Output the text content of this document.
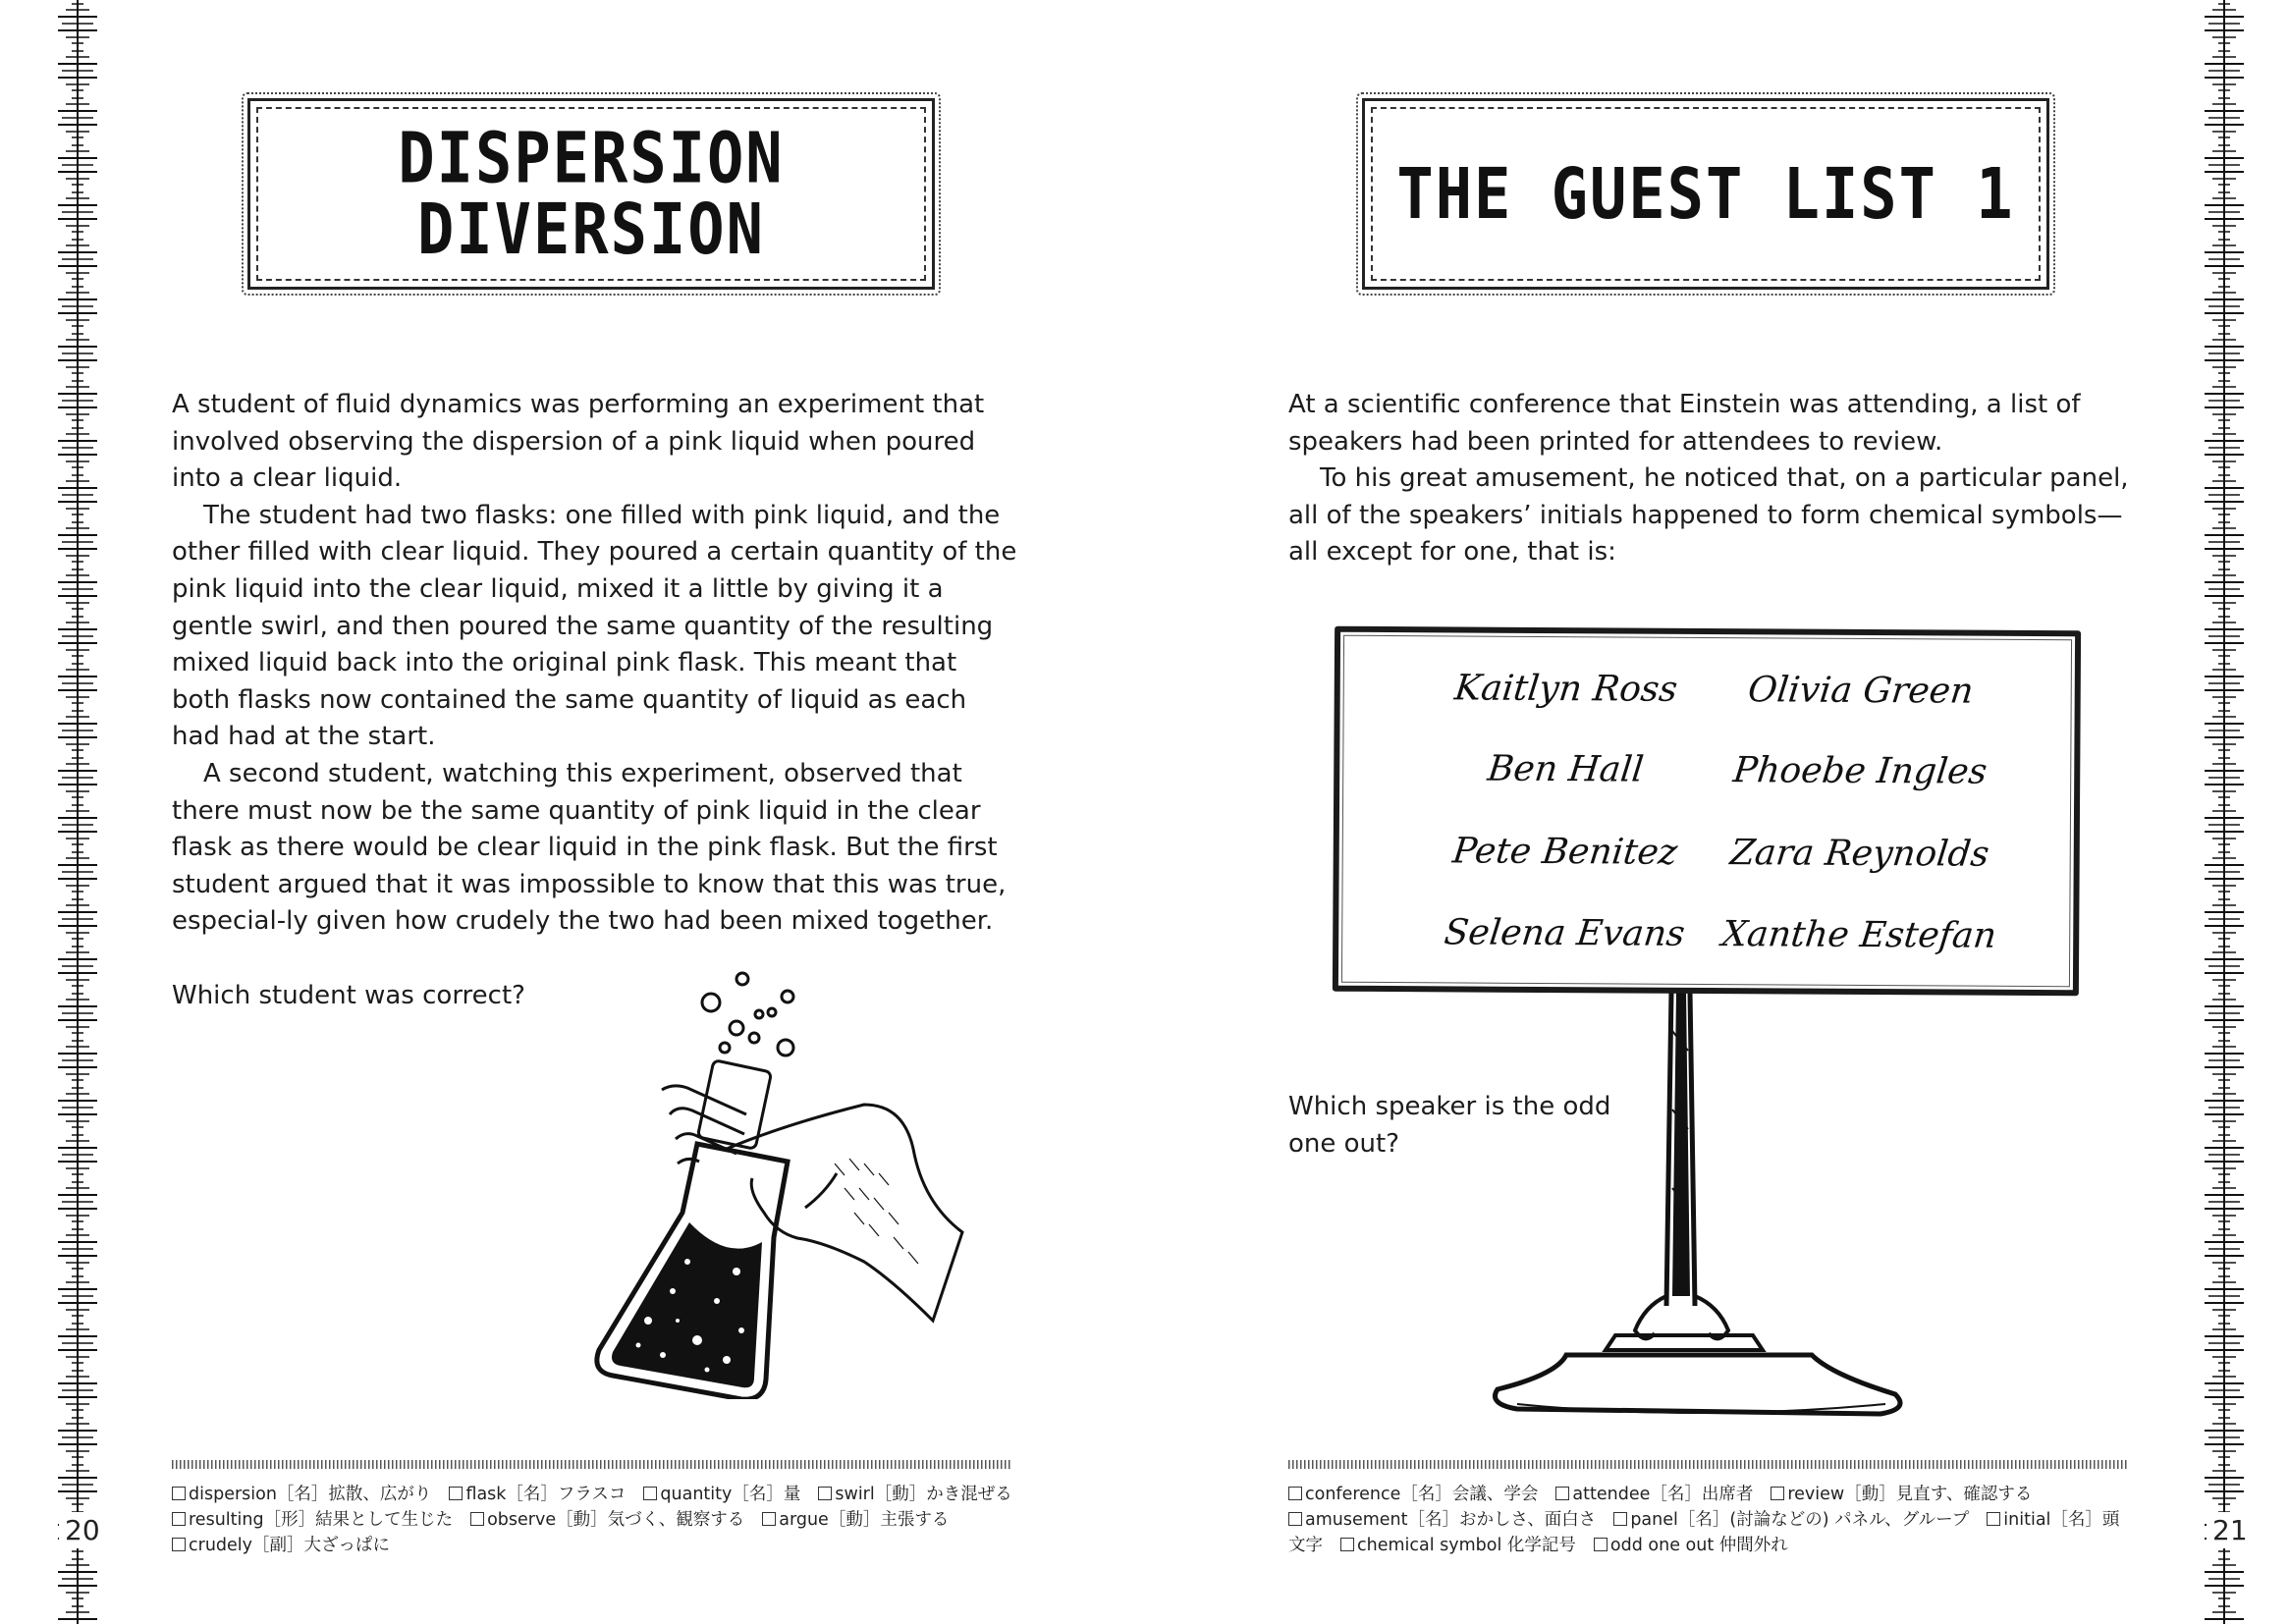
20
DISPERSION
DIVERSION

A student of fluid dynamics was performing an experiment that involved observing the dispersion of a pink liquid when poured into a clear liquid.

The student had two flasks: one filled with pink liquid, and the other filled with clear liquid. They poured a certain quantity of the pink liquid into the clear liquid, mixed it a little by giving it a gentle swirl, and then poured the same quantity of the resulting mixed liquid back into the original pink flask. This meant that both flasks now contained the same quantity of liquid as each had had at the start.

A second student, watching this experiment, observed that there must now be the same quantity of pink liquid in the clear flask as there would be clear liquid in the pink flask. But the first student argued that it was impossible to know that this was true, especial-ly given how crudely the two had been mixed together.

Which student was correct?

dispersion［名］拡散、広がり flask［名］フラスコ quantity［名］量 swirl［動］かき混ぜる
resulting［形］結果として生じた observe［動］気づく、観察する argue［動］主張する
crudely［副］大ざっぱに	21
THE GUEST LIST 1

At a scientific conference that Einstein was attending, a list of speakers had been printed for attendees to review.

To his great amusement, he noticed that, on a particular panel, all of the speakers’ initials happened to form chemical symbols—all except for one, that is:

Kaitlyn Ross Olivia Green
Ben Hall Phoebe Ingles
Pete Benitez Zara Reynolds
Selena Evans Xanthe Estefan
Which speaker is the odd
one out?
conference［名］会議、学会 attendee［名］出席者 review［動］見直す、確認する
amusement［名］おかしさ、面白さ panel［名］(討論などの) パネル、グループ initial［名］頭
文字 chemical symbol 化学記号 odd one out 仲間外れ
